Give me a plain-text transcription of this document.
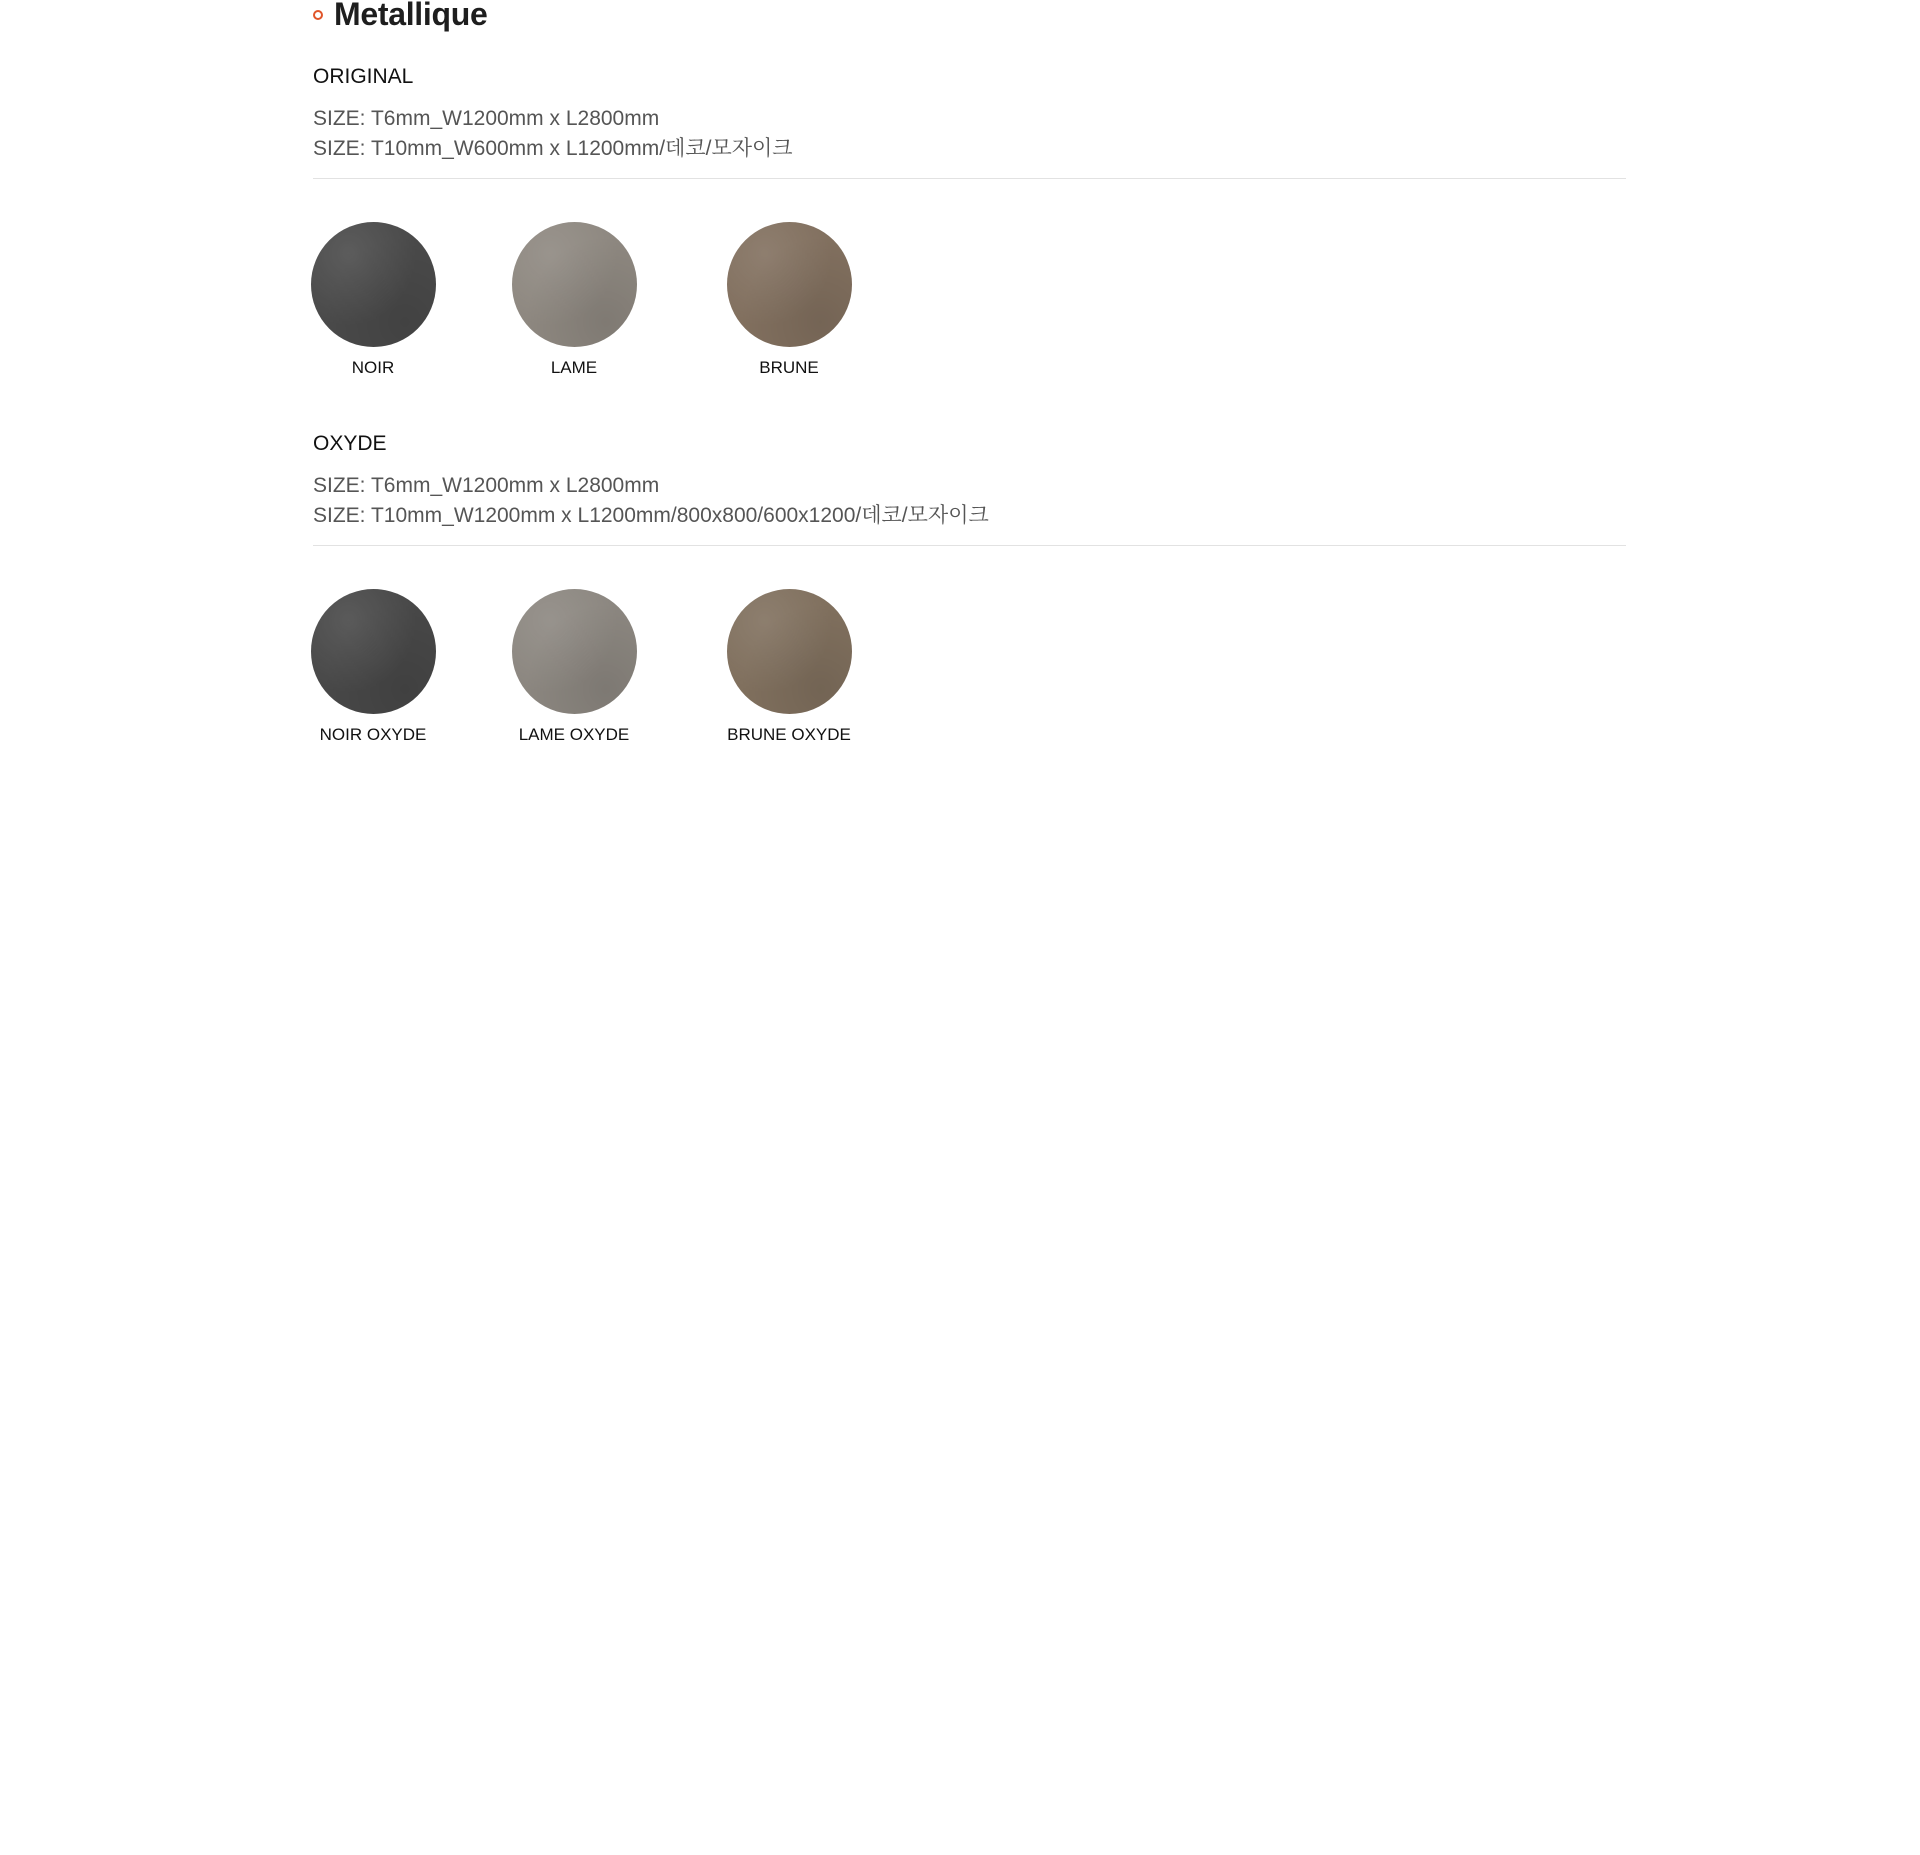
Metallique
ORIGINAL
SIZE: T6mm_W1200mm x L2800mm
SIZE: T10mm_W600mm x L1200mm/데코/모자이크
NOIR	LAME	BRUNE
OXYDE
SIZE: T6mm_W1200mm x L2800mm
SIZE: T10mm_W1200mm x L1200mm/800x800/600x1200/데코/모자이크
NOIR OXYDE	LAME OXYDE	BRUNE OXYDE
